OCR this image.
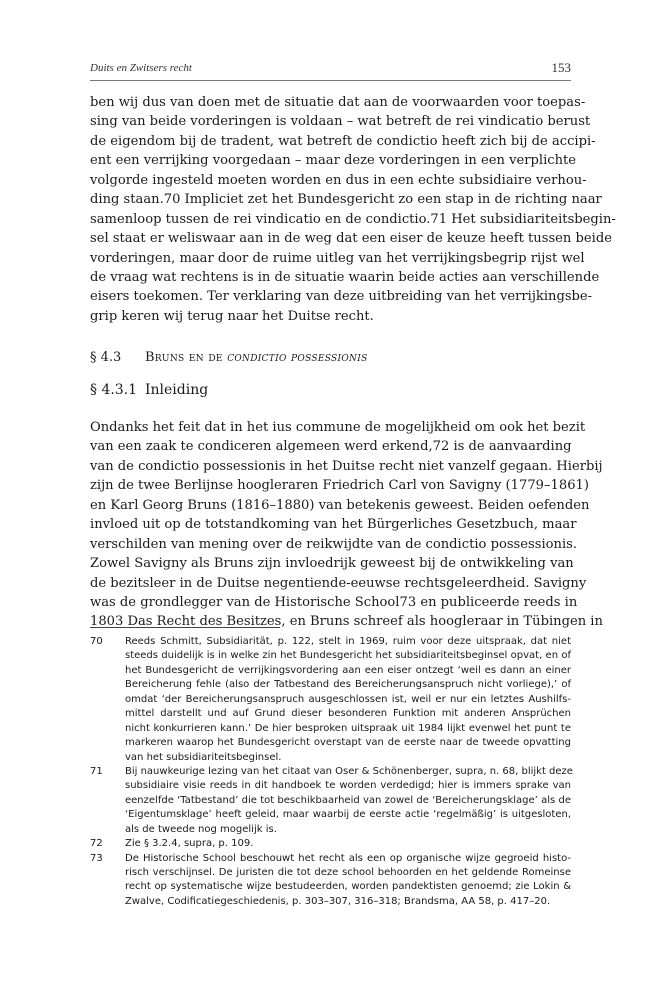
Duits en Zwitsers recht	153
ben wij dus van doen met de situatie dat aan de voorwaarden voor toepas-
sing van beide vorderingen is voldaan – wat betreft de rei vindicatio berust
de eigendom bij de tradent, wat betreft de condictio heeft zich bij de accipi-
ent een verrijking voorgedaan – maar deze vorderingen in een verplichte
volgorde ingesteld moeten worden en dus in een echte subsidiaire verhou-
ding staan.70 Impliciet zet het Bundesgericht zo een stap in de richting naar
samenloop tussen de rei vindicatio en de condictio.71 Het subsidiariteitsbegin-
sel staat er weliswaar aan in de weg dat een eiser de keuze heeft tussen beide
vorderingen, maar door de ruime uitleg van het verrijkingsbegrip rijst wel
de vraag wat rechtens is in de situatie waarin beide acties aan verschillende
eisers toekomen. Ter verklaring van deze uitbreiding van het verrijkingsbe-
grip keren wij terug naar het Duitse recht.
§ 4.3 Bruns en de condictio possessionis
§ 4.3.1 Inleiding
Ondanks het feit dat in het ius commune de mogelijkheid om ook het bezit
van een zaak te condiceren algemeen werd erkend,72 is de aanvaarding
van de condictio possessionis in het Duitse recht niet vanzelf gegaan. Hierbij
zijn de twee Berlijnse hoogleraren Friedrich Carl von Savigny (1779–1861)
en Karl Georg Bruns (1816–1880) van betekenis geweest. Beiden oefenden
invloed uit op de totstandkoming van het Bürgerliches Gesetzbuch, maar
verschilden van mening over de reikwijdte van de condictio possessionis.
Zowel Savigny als Bruns zijn invloedrijk geweest bij de ontwikkeling van
de bezitsleer in de Duitse negentiende-eeuwse rechtsgeleerdheid. Savigny
was de grondlegger van de Historische School73 en publiceerde reeds in
1803 Das Recht des Besitzes, en Bruns schreef als hoogleraar in Tübingen in
70 Reeds Schmitt, Subsidiarität, p. 122, stelt in 1969, ruim voor deze uitspraak, dat niet
steeds duidelijk is in welke zin het Bundesgericht het subsidiariteitsbeginsel opvat, en of
het Bundesgericht de verrijkingsvordering aan een eiser ontzegt ‘weil es dann an einer
Bereicherung fehle (also der Tatbestand des Bereicherungsanspruch nicht vorliege),’ of
omdat ‘der Bereicherungsanspruch ausgeschlossen ist, weil er nur ein letztes Aushilfs-
mittel darstellt und auf Grund dieser besonderen Funktion mit anderen Ansprüchen
nicht konkurrieren kann.’ De hier besproken uitspraak uit 1984 lijkt evenwel het punt te
markeren waarop het Bundesgericht overstapt van de eerste naar de tweede opvatting
van het subsidiariteitsbeginsel.
71 Bij nauwkeurige lezing van het citaat van Oser & Schönenberger, supra, n. 68, blijkt deze
subsidiaire visie reeds in dit handboek te worden verdedigd; hier is immers sprake van
eenzelfde ‘Tatbestand’ die tot beschikbaarheid van zowel de ‘Bereicherungsklage’ als de
‘Eigentumsklage’ heeft geleid, maar waarbij de eerste actie ‘regelmäßig’ is uitgesloten,
als de tweede nog mogelijk is.
72 Zie § 3.2.4, supra, p. 109.
73 De Historische School beschouwt het recht als een op organische wijze gegroeid histo-
risch verschijnsel. De juristen die tot deze school behoorden en het geldende Romeinse
recht op systematische wijze bestudeerden, worden pandektisten genoemd; zie Lokin &
Zwalve, Codificatiegeschiedenis, p. 303–307, 316–318; Brandsma, AA 58, p. 417–20.
